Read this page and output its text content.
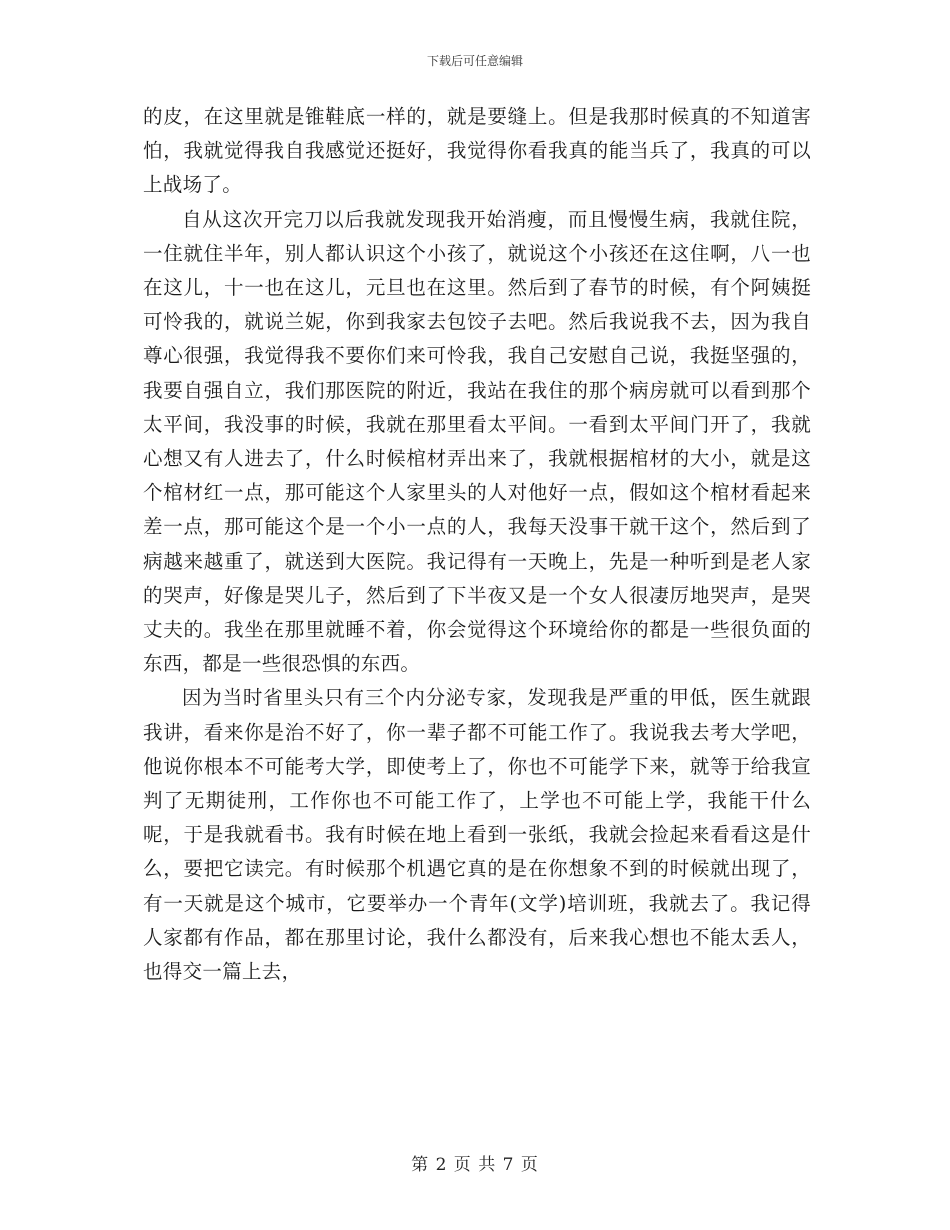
下载后可任意编辑

的皮，在这里就是锥鞋底一样的，就是要缝上。但是我那时候真的不知道害怕，我就觉得我自我感觉还挺好，我觉得你看我真的能当兵了，我真的可以上战场了。

自从这次开完刀以后我就发现我开始消瘦，而且慢慢生病，我就住院，一住就住半年，别人都认识这个小孩了，就说这个小孩还在这住啊，八一也在这儿，十一也在这儿，元旦也在这里。然后到了春节的时候，有个阿姨挺可怜我的，就说兰妮，你到我家去包饺子去吧。然后我说我不去，因为我自尊心很强，我觉得我不要你们来可怜我，我自己安慰自己说，我挺坚强的，我要自强自立，我们那医院的附近，我站在我住的那个病房就可以看到那个太平间，我没事的时候，我就在那里看太平间。一看到太平间门开了，我就心想又有人进去了，什么时候棺材弄出来了，我就根据棺材的大小，就是这个棺材红一点，那可能这个人家里头的人对他好一点，假如这个棺材看起来差一点，那可能这个是一个小一点的人，我每天没事干就干这个，然后到了病越来越重了，就送到大医院。我记得有一天晚上，先是一种听到是老人家的哭声，好像是哭儿子，然后到了下半夜又是一个女人很凄厉地哭声，是哭丈夫的。我坐在那里就睡不着，你会觉得这个环境给你的都是一些很负面的东西，都是一些很恐惧的东西。

因为当时省里头只有三个内分泌专家，发现我是严重的甲低，医生就跟我讲，看来你是治不好了，你一辈子都不可能工作了。我说我去考大学吧，他说你根本不可能考大学，即使考上了，你也不可能学下来，就等于给我宣判了无期徒刑，工作你也不可能工作了，上学也不可能上学，我能干什么呢，于是我就看书。我有时候在地上看到一张纸，我就会捡起来看看这是什么，要把它读完。有时候那个机遇它真的是在你想象不到的时候就出现了，有一天就是这个城市，它要举办一个青年(文学)培训班，我就去了。我记得人家都有作品，都在那里讨论，我什么都没有，后来我心想也不能太丢人，也得交一篇上去，

第 2 页 共 7 页
